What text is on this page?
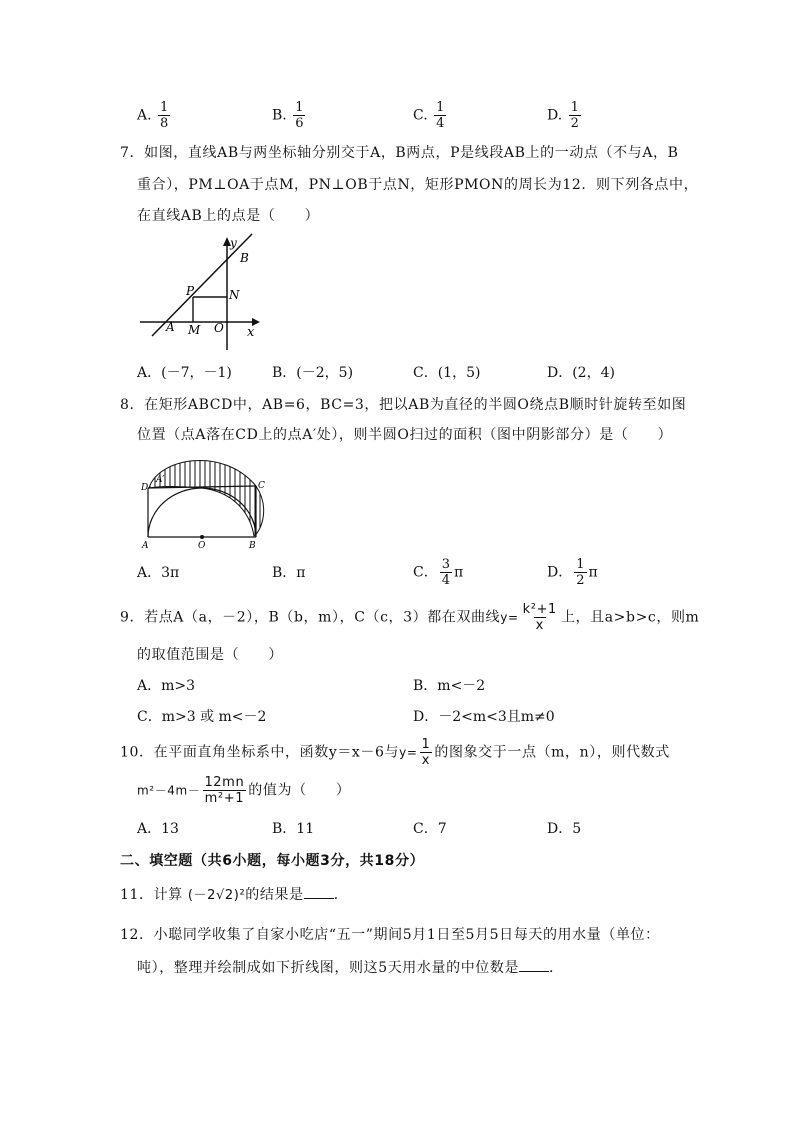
A. $\frac{1}{8}$	B. $\frac{1}{6}$	C. $\frac{1}{4}$	D. $\frac{1}{2}$
7．如图，直线AB与两坐标轴分别交于A，B两点，P是线段AB上的一动点（不与A，B
重合），PM⊥OA于点M，PN⊥OB于点N，矩形PMON的周长为12．则下列各点中，
在直线AB上的点是（　　）
y
B
P	N
A M O x
A．(－7，－1)	B．(－2，5)	C．(1，5)	D．(2，4)
8．在矩形ABCD中，AB=6，BC=3，把以AB为直径的半圆O绕点B顺时针旋转至如图
位置（点A落在CD上的点A′处），则半圆O扫过的面积（图中阴影部分）是（　　）
D
A′
C
A	O	B
A．3π	B．π	C． $\frac{3}{4}$ π	D． $\frac{1}{2}$ π
9．若点A（a，－2），B（b，m），C（c，3）都在双曲线$y= \frac{\text{k²+1}}{x}$ 上，且a>b>c，则m
的取值范围是（　　）
A．m>3	B．m<－2
C．m>3 或 m<－2	D．－2<m<3且m≠0
10．在平面直角坐标系中，函数y＝x－6与$y= \frac{1}{x}$ 的图象交于一点（m，n），则代数式
$m^2-4m- \frac{12mn}{\text{m²+1}}$ 的值为（　　）
A．13	B．11	C．7	D．5
二、填空题（共6小题，每小题3分，共18分）
11．计算 (－2√2)²的结果是 ．
12．小聪同学收集了自家小吃店“五一”期间5月1日至5月5日每天的用水量（单位：
吨），整理并绘制成如下折线图，则这5天用水量的中位数是 ．
